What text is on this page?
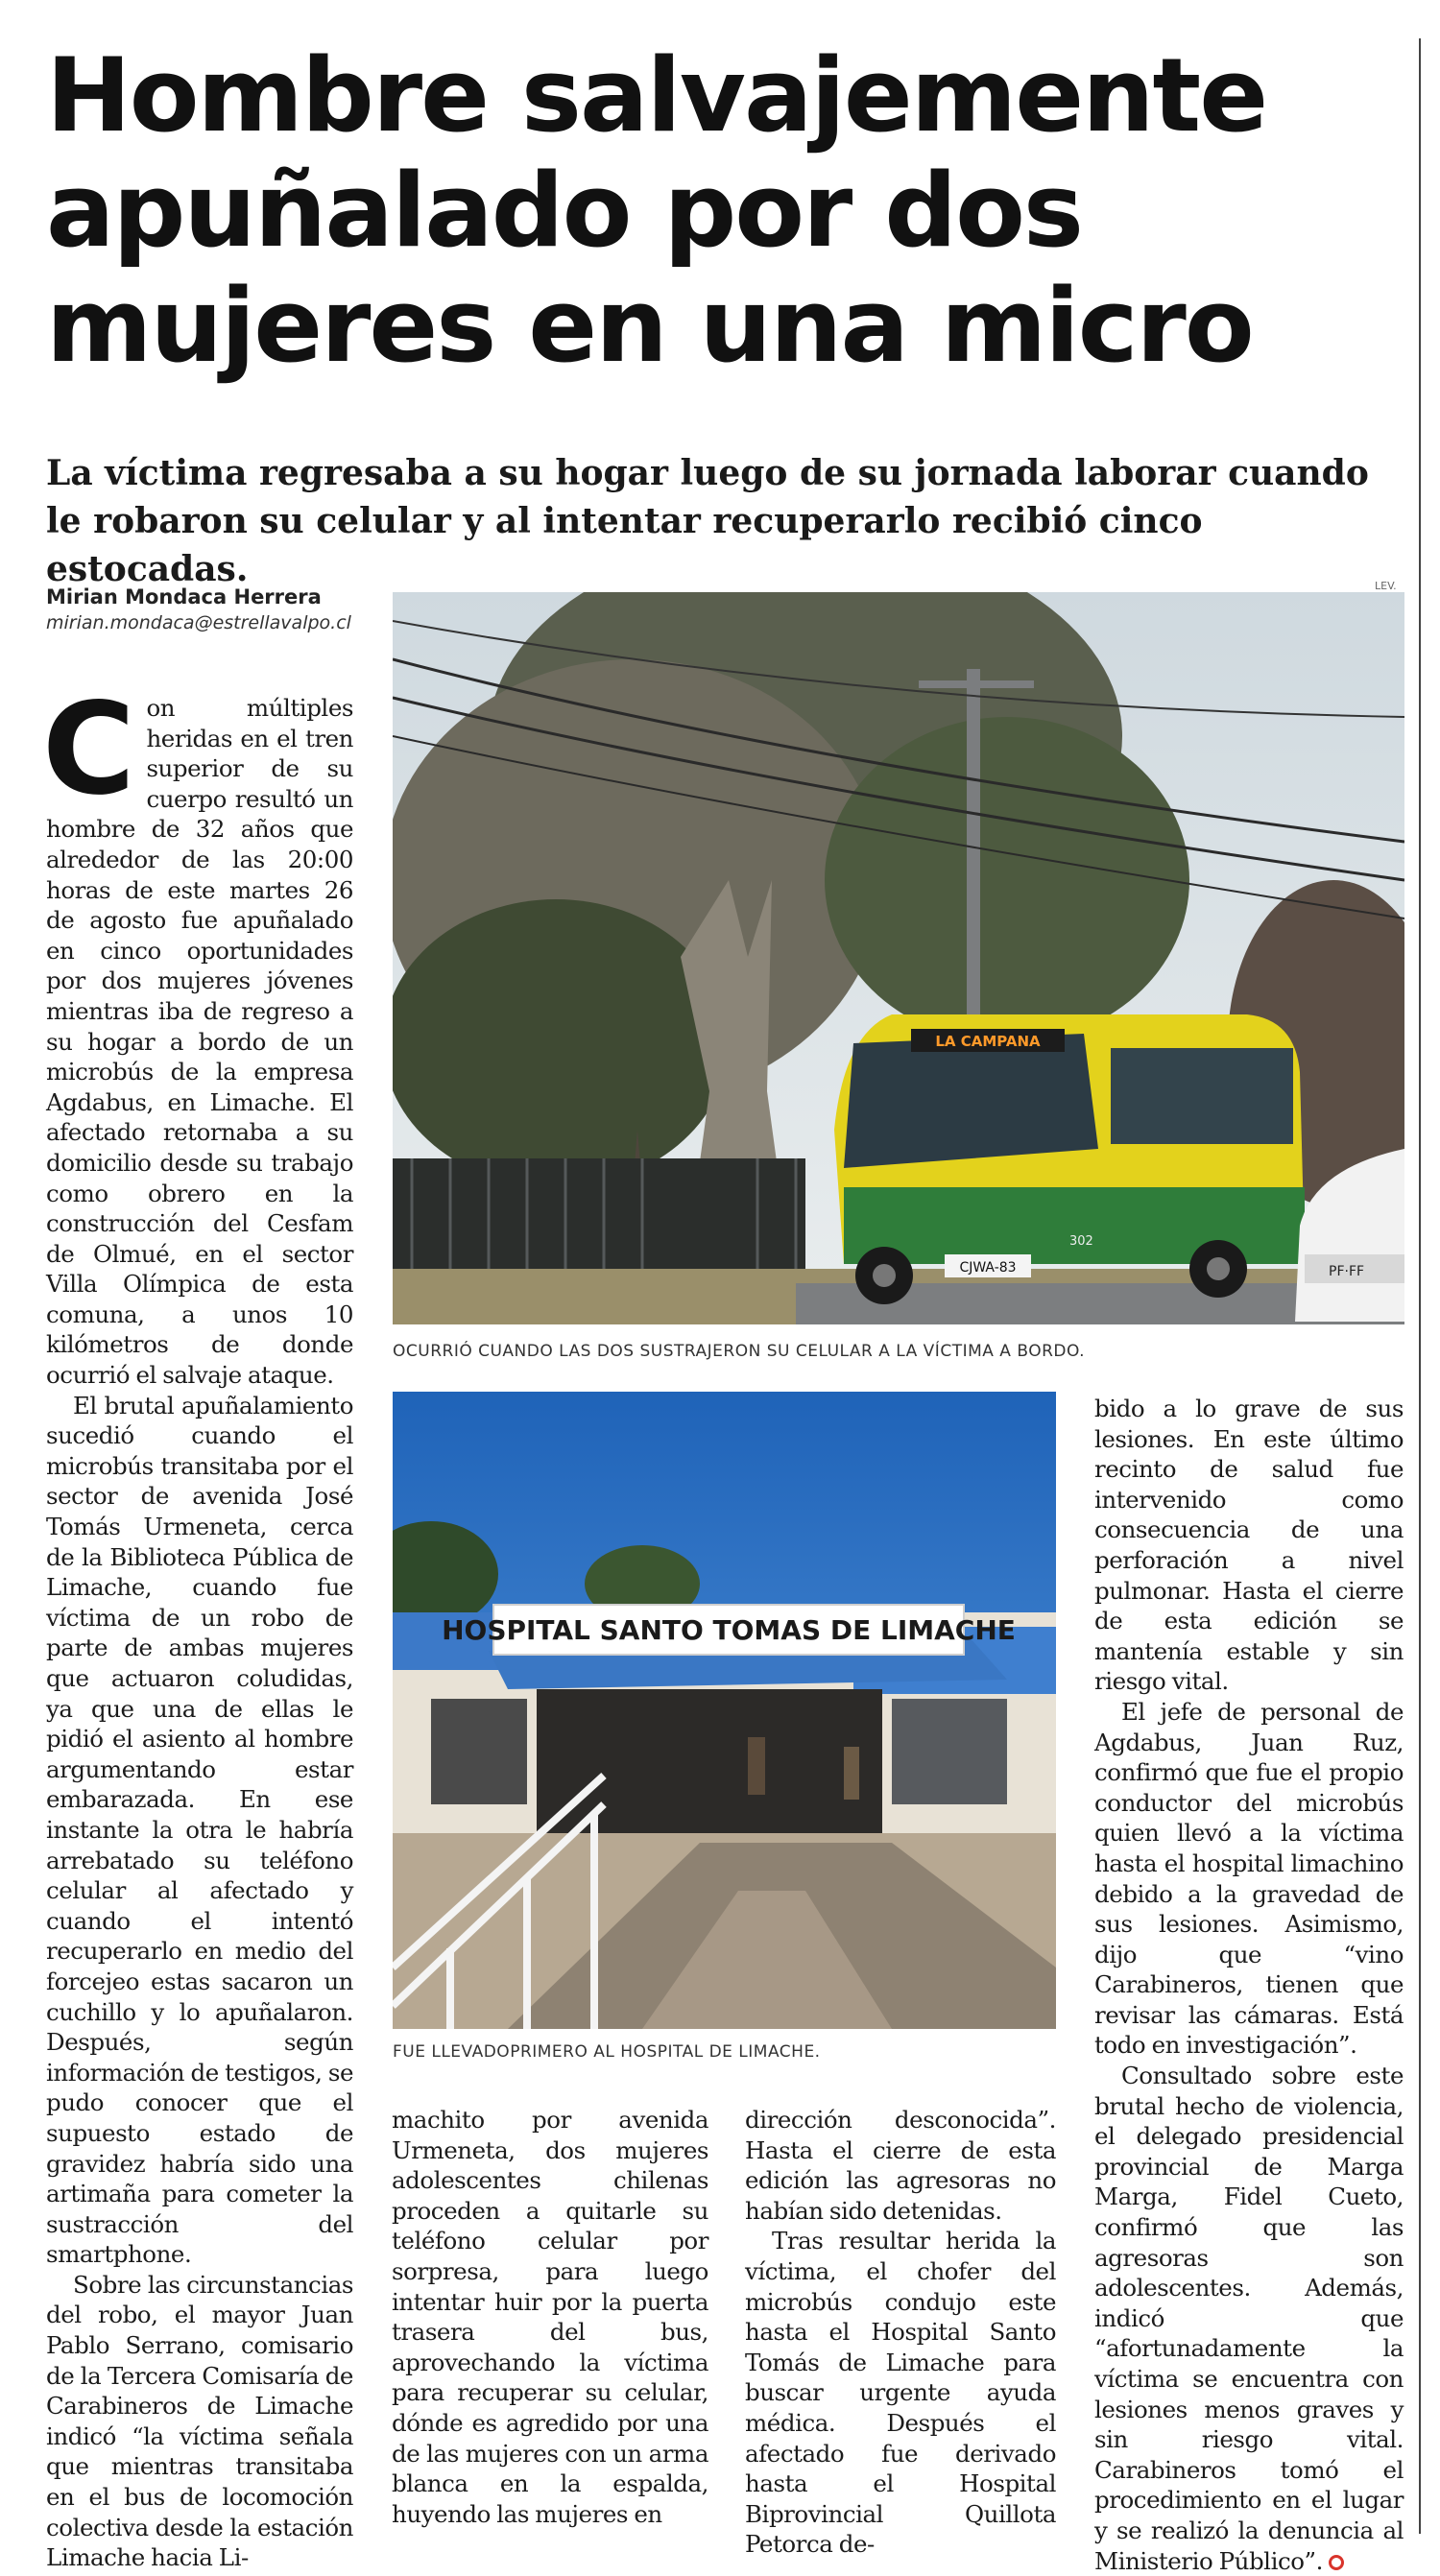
Hombre salvajemente apuñalado por dos mujeres en una micro

La víctima regresaba a su hogar luego de su jornada laborar cuando le robaron su celular y al intentar recuperarlo recibió cinco estocadas.

Mirian Mondaca Herrera
mirian.mondaca@estrellavalpo.cl
LEV.
LA CAMPANA
CJWA-83
302
PF·FF
OCURRIÓ CUANDO LAS DOS SUSTRAJERON SU CELULAR A LA VÍCTIMA A BORDO.
HOSPITAL SANTO TOMAS DE LIMACHE
FUE LLEVADOPRIMERO AL HOSPITAL DE LIMACHE.

Con múltiples heridas en el tren superior de su cuerpo resultó un hombre de 32 años que alrededor de las 20:00 horas de este martes 26 de agosto fue apuñalado en cinco oportunidades por dos mujeres jóvenes mientras iba de regreso a su hogar a bordo de un microbús de la empresa Agdabus, en Limache. El afectado retornaba a su domicilio desde su trabajo como obrero en la construcción del Cesfam de Olmué, en el sector Villa Olímpica de esta comuna, a unos 10 kilómetros de donde ocurrió el salvaje ataque.

El brutal apuñalamiento sucedió cuando el microbús transitaba por el sector de avenida José Tomás Urmeneta, cerca de la Biblioteca Pública de Limache, cuando fue víctima de un robo de parte de ambas mujeres que actuaron coludidas, ya que una de ellas le pidió el asiento al hombre argumentando estar embarazada. En ese instante la otra le habría arrebatado su teléfono celular al afectado y cuando el intentó recuperarlo en medio del forcejeo estas sacaron un cuchillo y lo apuñalaron. Después, según información de testigos, se pudo conocer que el supuesto estado de gravidez habría sido una artimaña para cometer la sustracción del smartphone.

Sobre las circunstancias del robo, el mayor Juan Pablo Serrano, comisario de la Tercera Comisaría de Carabineros de Limache indicó “la víctima señala que mientras transitaba en el bus de locomoción colectiva desde la estación Limache hacia Li-

machito por avenida Urmeneta, dos mujeres adolescentes chilenas proceden a quitarle su teléfono celular por sorpresa, para luego intentar huir por la puerta trasera del bus, aprovechando la víctima para recuperar su celular, dónde es agredido por una de las mujeres con un arma blanca en la espalda, huyendo las mujeres en

dirección desconocida”. Hasta el cierre de esta edición las agresoras no habían sido detenidas.

Tras resultar herida la víctima, el chofer del microbús condujo este hasta el Hospital Santo Tomás de Limache para buscar urgente ayuda médica. Después el afectado fue derivado hasta el Hospital Biprovincial Quillota Petorca de-

bido a lo grave de sus lesiones. En este último recinto de salud fue intervenido como consecuencia de una perforación a nivel pulmonar. Hasta el cierre de esta edición se mantenía estable y sin riesgo vital.

El jefe de personal de Agdabus, Juan Ruz, confirmó que fue el propio conductor del microbús quien llevó a la víctima hasta el hospital limachino debido a la gravedad de sus lesiones. Asimismo, dijo que “vino Carabineros, tienen que revisar las cámaras. Está todo en investigación”.

Consultado sobre este brutal hecho de violencia, el delegado presidencial provincial de Marga Marga, Fidel Cueto, confirmó que las agresoras son adolescentes. Además, indicó que “afortunadamente la víctima se encuentra con lesiones menos graves y sin riesgo vital. Carabineros tomó el procedimiento en el lugar y se realizó la denuncia al Ministerio Público”.
